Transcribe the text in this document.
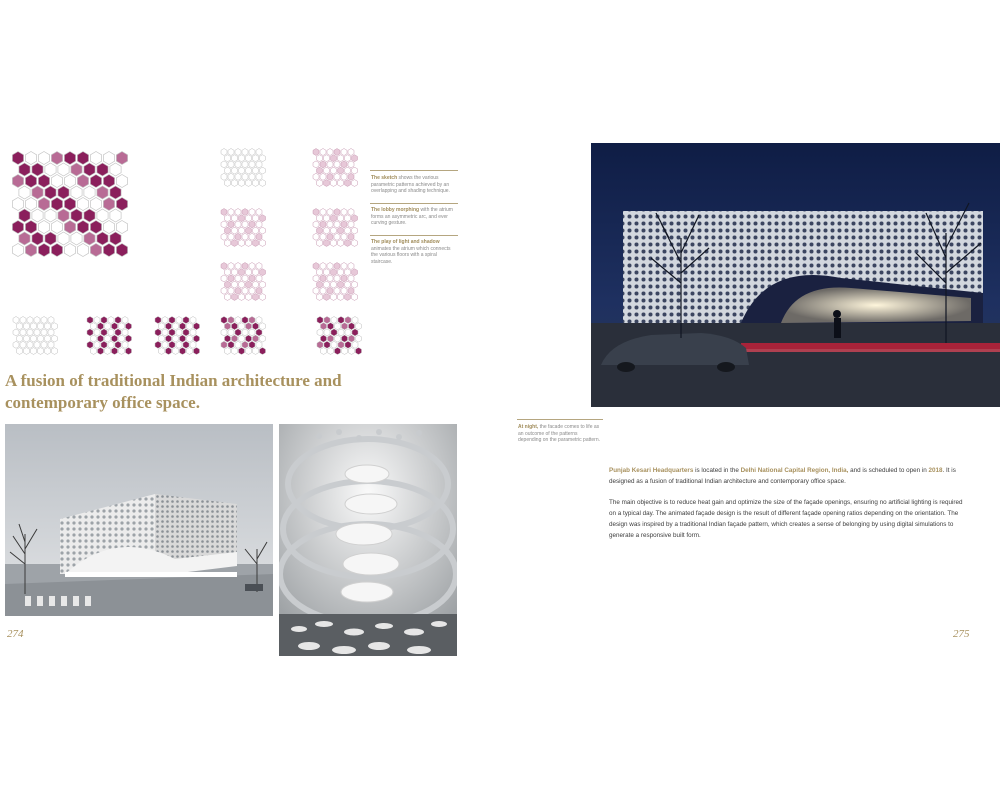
The sketch shows the various parametric patterns achieved by an overlapping and shading technique.
The lobby morphing with the atrium forms an asymmetric arc, and ever curving gesture.
The play of light and shadow animates the atrium which connects the various floors with a spiral staircase.
A fusion of traditional Indian architecture and contemporary office space.
274
At night, the facade comes to life as an outcome of the patterns depending on the parametric pattern.

Punjab Kesari Headquarters is located in the Delhi National Capital Region, India, and is scheduled to open in 2018. It is designed as a fusion of traditional Indian architecture and contemporary office space.

The main objective is to reduce heat gain and optimize the size of the façade openings, ensuring no artificial lighting is required on a typical day. The animated façade design is the result of different façade opening ratios depending on the orientation. The design was inspired by a traditional Indian façade pattern, which creates a sense of belonging by using digital simulations to generate a responsive built form.

275
